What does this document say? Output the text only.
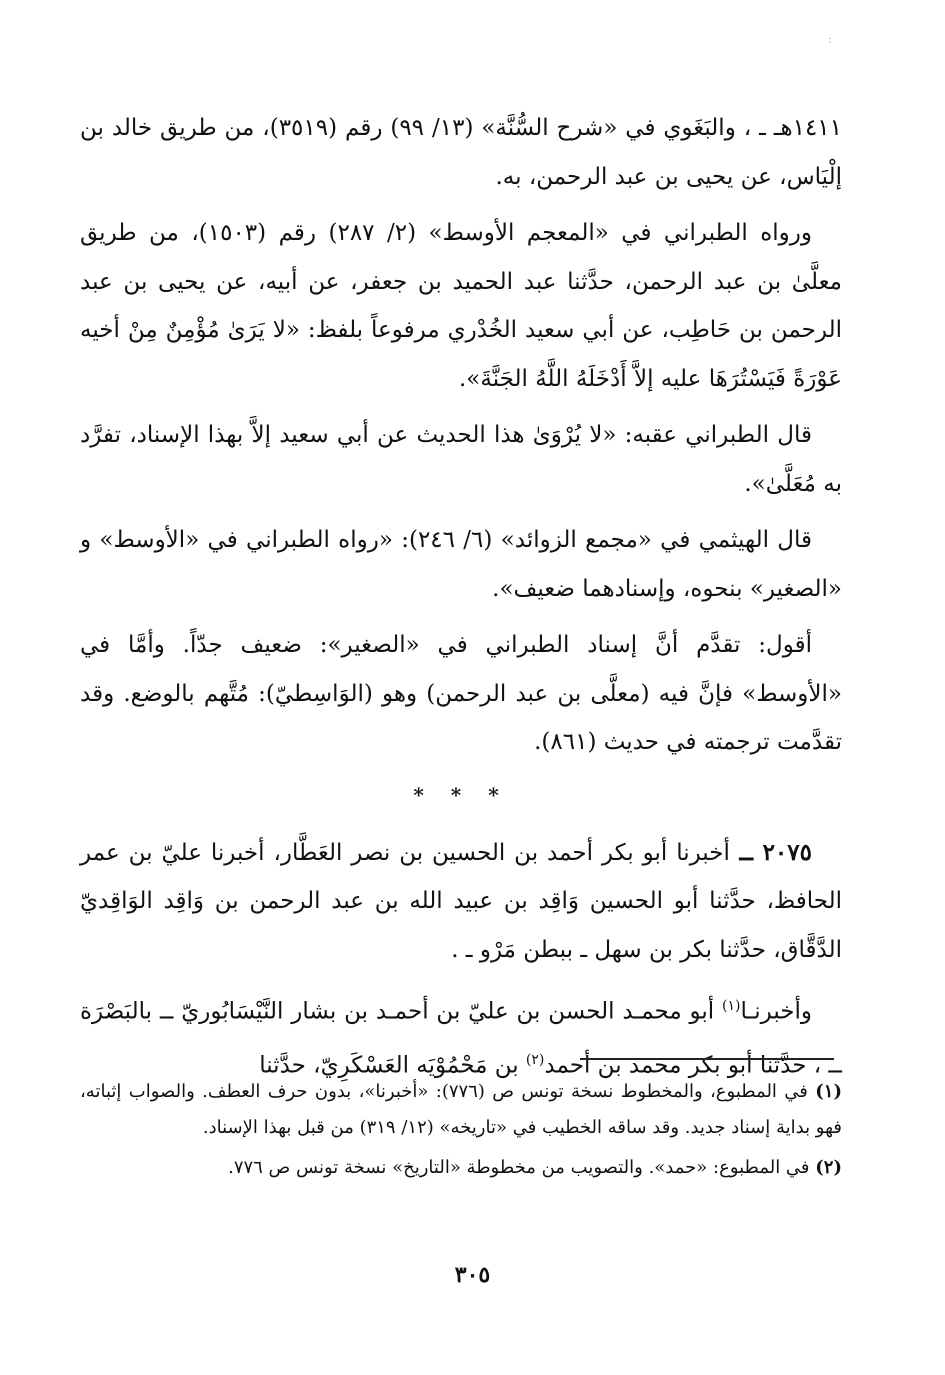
:

١٤١١هـ ـ ، والبَغَوي في «شرح السُّنَّة» (١٣/ ٩٩) رقم (٣٥١٩)، من طريق خالد بن إلْيَاس، عن يحيى بن عبد الرحمن، به.

ورواه الطبراني في «المعجم الأوسط» (٢/ ٢٨٧) رقم (١٥٠٣)، من طريق معلَّىٰ بن عبد الرحمن، حدَّثنا عبد الحميد بن جعفر، عن أبيه، عن يحيى بن عبد الرحمن بن حَاطِب، عن أبي سعيد الخُدْري مرفوعاً بلفظ: «لا يَرَىٰ مُؤْمِنٌ مِنْ أخيه عَوْرَةً فَيَسْتُرَهَا عليه إلاَّ أَدْخَلَهُ اللَّهُ الجَنَّةَ».

قال الطبراني عقبه: «لا يُرْوَىٰ هذا الحديث عن أبي سعيد إلاَّ بهذا الإسناد، تفرَّد به مُعَلَّىٰ».

قال الهيثمي في «مجمع الزوائد» (٦/ ٢٤٦): «رواه الطبراني في «الأوسط» و «الصغير» بنحوه، وإسنادهما ضعيف».

أقول: تقدَّم أنَّ إسناد الطبراني في «الصغير»: ضعيف جدّاً. وأمَّا في «الأوسط» فإنَّ فيه (معلَّى بن عبد الرحمن) وهو (الوَاسِطيّ): مُتَّهم بالوضع. وقد تقدَّمت ترجمته في حديث (٨٦١).

* * *

٢٠٧٥ ــ أخبرنا أبو بكر أحمد بن الحسين بن نصر العَطَّار، أخبرنا عليّ بن عمر الحافظ، حدَّثنا أبو الحسين وَاقِد بن عبيد الله بن عبد الرحمن بن وَاقِد الوَاقِديّ الدَّقَّاق، حدَّثنا بكر بن سهل ـ ببطن مَرْو ـ .

وأخبرنـا$^{(١)}$ أبو محمـد الحسن بن عليّ بن أحمـد بن بشار النَّيْسَابُوريّ ــ بالبَصْرَة ــ ، حدَّثنا أبو بكر محمد بن أحمد$^{(٢)}$ بن مَحْمُوْيَه العَسْكَرِيّ، حدَّثنا

(١) في المطبوع، والمخطوط نسخة تونس ص (٧٧٦): «أخبرنا»، بدون حرف العطف. والصواب إثباته، فهو بداية إسناد جديد. وقد ساقه الخطيب في «تاريخه» (١٢/ ٣١٩) من قبل بهذا الإسناد.

(٢) في المطبوع: «حمد». والتصويب من مخطوطة «التاريخ» نسخة تونس ص ٧٧٦.

٣٠٥
